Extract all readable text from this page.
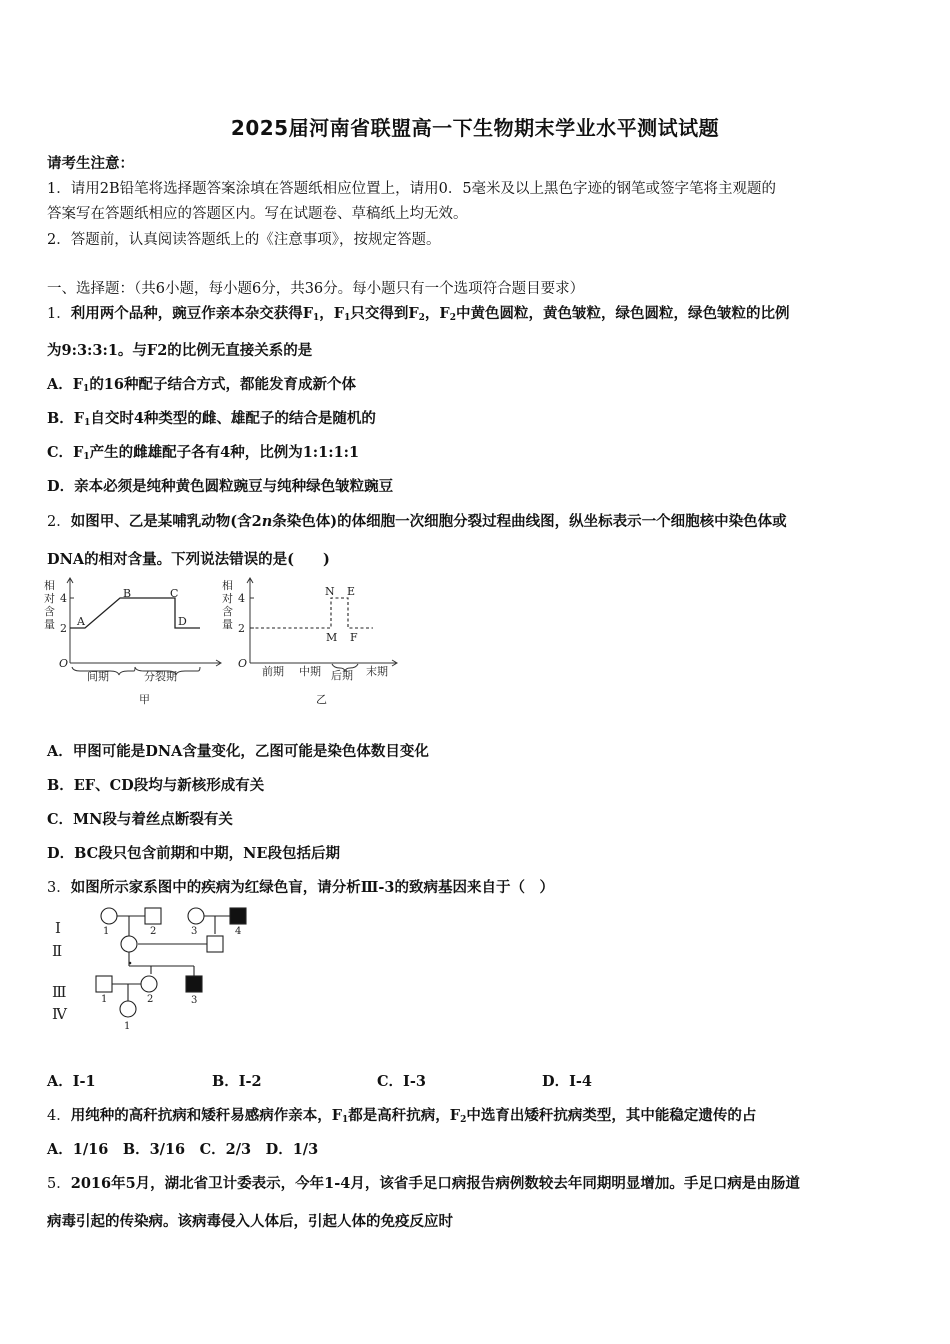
2025届河南省联盟高一下生物期末学业水平测试试题
请考生注意：
1．请用2B铅笔将选择题答案涂填在答题纸相应位置上，请用0．5毫米及以上黑色字迹的钢笔或签字笔将主观题的
答案写在答题纸相应的答题区内。写在试题卷、草稿纸上均无效。
2．答题前，认真阅读答题纸上的《注意事项》，按规定答题。
一、选择题：（共6小题，每小题6分，共36分。每小题只有一个选项符合题目要求）
1．利用两个品种，豌豆作亲本杂交获得$F_1$，$F_1$只交得到$F_2$，$F_2$中黄色圆粒，黄色皱粒，绿色圆粒，绿色皱粒的比例
为9:3:3:1。与F2的比例无直接关系的是
A．$F_1$的16种配子结合方式，都能发育成新个体
B．$F_1$自交时4种类型的雌、雄配子的结合是随机的
C．$F_1$产生的雌雄配子各有4种，比例为1:1:1:1
D．亲本必须是纯种黄色圆粒豌豆与纯种绿色皱粒豌豆
2．如图甲、乙是某哺乳动物(含2n条染色体)的体细胞一次细胞分裂过程曲线图，纵坐标表示一个细胞核中染色体或
DNA的相对含量。下列说法错误的是(　　)
相
对
含
量
4
2
O
A
B	C
D
间期	分裂期
甲
相
对
含
量
4
2
O
N E
M F
前期 中期 后期 末期
乙
A．甲图可能是DNA含量变化，乙图可能是染色体数目变化
B．EF、CD段均与新核形成有关
C．MN段与着丝点断裂有关
D．BC段只包含前期和中期，NE段包括后期
3．如图所示家系图中的疾病为红绿色盲，请分析Ⅲ-3的致病基因来自于（　）
Ⅰ
Ⅱ
Ⅲ
Ⅳ
1	2	3	4
1	2	3
1
A．Ⅰ-1	B．Ⅰ-2	C．Ⅰ-3	D．Ⅰ-4
4．用纯种的高秆抗病和矮秆易感病作亲本，$F_1$都是高秆抗病，$F_2$中选育出矮秆抗病类型，其中能稳定遗传的占
A．1/16　B．3/16　C．2/3　D．1/3
5．2016年5月，湖北省卫计委表示，今年1-4月，该省手足口病报告病例数较去年同期明显增加。手足口病是由肠道
病毒引起的传染病。该病毒侵入人体后，引起人体的免疫反应时
